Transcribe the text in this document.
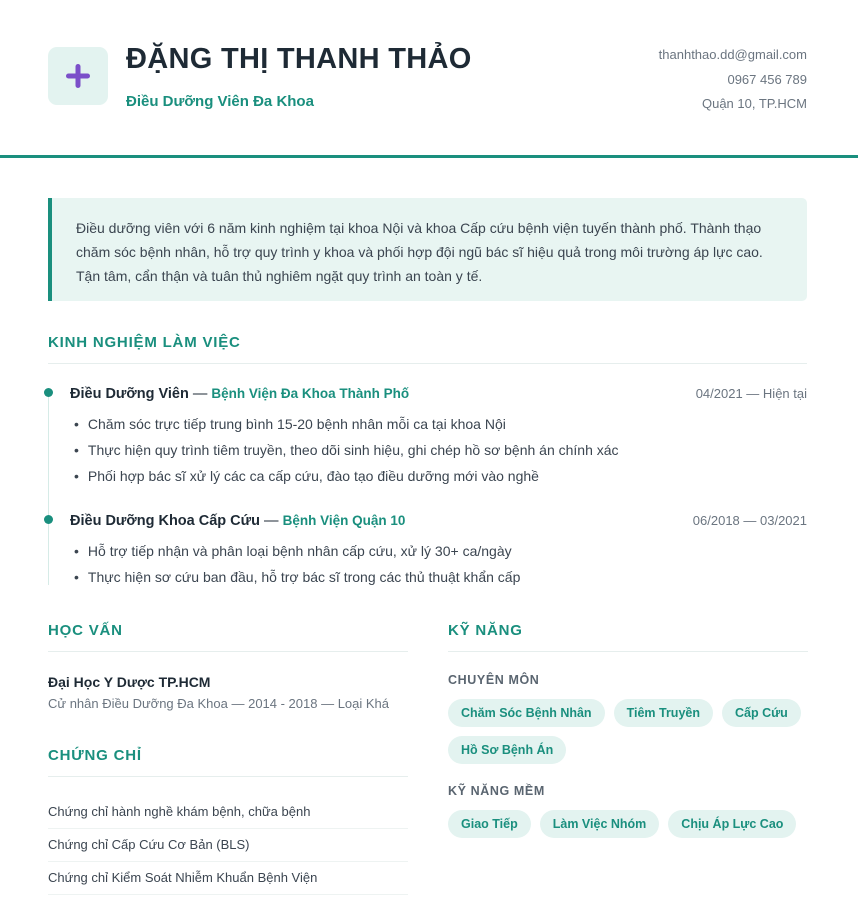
ĐẶNG THỊ THANH THẢO
Điều Dưỡng Viên Đa Khoa
thanhthao.dd@gmail.com
0967 456 789
Quận 10, TP.HCM
Điều dưỡng viên với 6 năm kinh nghiệm tại khoa Nội và khoa Cấp cứu bệnh viện tuyến thành phố. Thành thạo chăm sóc bệnh nhân, hỗ trợ quy trình y khoa và phối hợp đội ngũ bác sĩ hiệu quả trong môi trường áp lực cao. Tận tâm, cẩn thận và tuân thủ nghiêm ngặt quy trình an toàn y tế.
KINH NGHIỆM LÀM VIỆC
Điều Dưỡng Viên — Bệnh Viện Đa Khoa Thành Phố	04/2021 — Hiện tại
• Chăm sóc trực tiếp trung bình 15-20 bệnh nhân mỗi ca tại khoa Nội
• Thực hiện quy trình tiêm truyền, theo dõi sinh hiệu, ghi chép hồ sơ bệnh án chính xác
• Phối hợp bác sĩ xử lý các ca cấp cứu, đào tạo điều dưỡng mới vào nghề
Điều Dưỡng Khoa Cấp Cứu — Bệnh Viện Quận 10	06/2018 — 03/2021
• Hỗ trợ tiếp nhận và phân loại bệnh nhân cấp cứu, xử lý 30+ ca/ngày
• Thực hiện sơ cứu ban đầu, hỗ trợ bác sĩ trong các thủ thuật khẩn cấp
HỌC VẤN
Đại Học Y Dược TP.HCM
Cử nhân Điều Dưỡng Đa Khoa — 2014 - 2018 — Loại Khá
CHỨNG CHỈ
Chứng chỉ hành nghề khám bệnh, chữa bệnh
Chứng chỉ Cấp Cứu Cơ Bản (BLS)
Chứng chỉ Kiểm Soát Nhiễm Khuẩn Bệnh Viện
KỸ NĂNG
CHUYÊN MÔN
Chăm Sóc Bệnh Nhân	Tiêm Truyền	Cấp Cứu
Hồ Sơ Bệnh Án
KỸ NĂNG MỀM
Giao Tiếp	Làm Việc Nhóm	Chịu Áp Lực Cao
